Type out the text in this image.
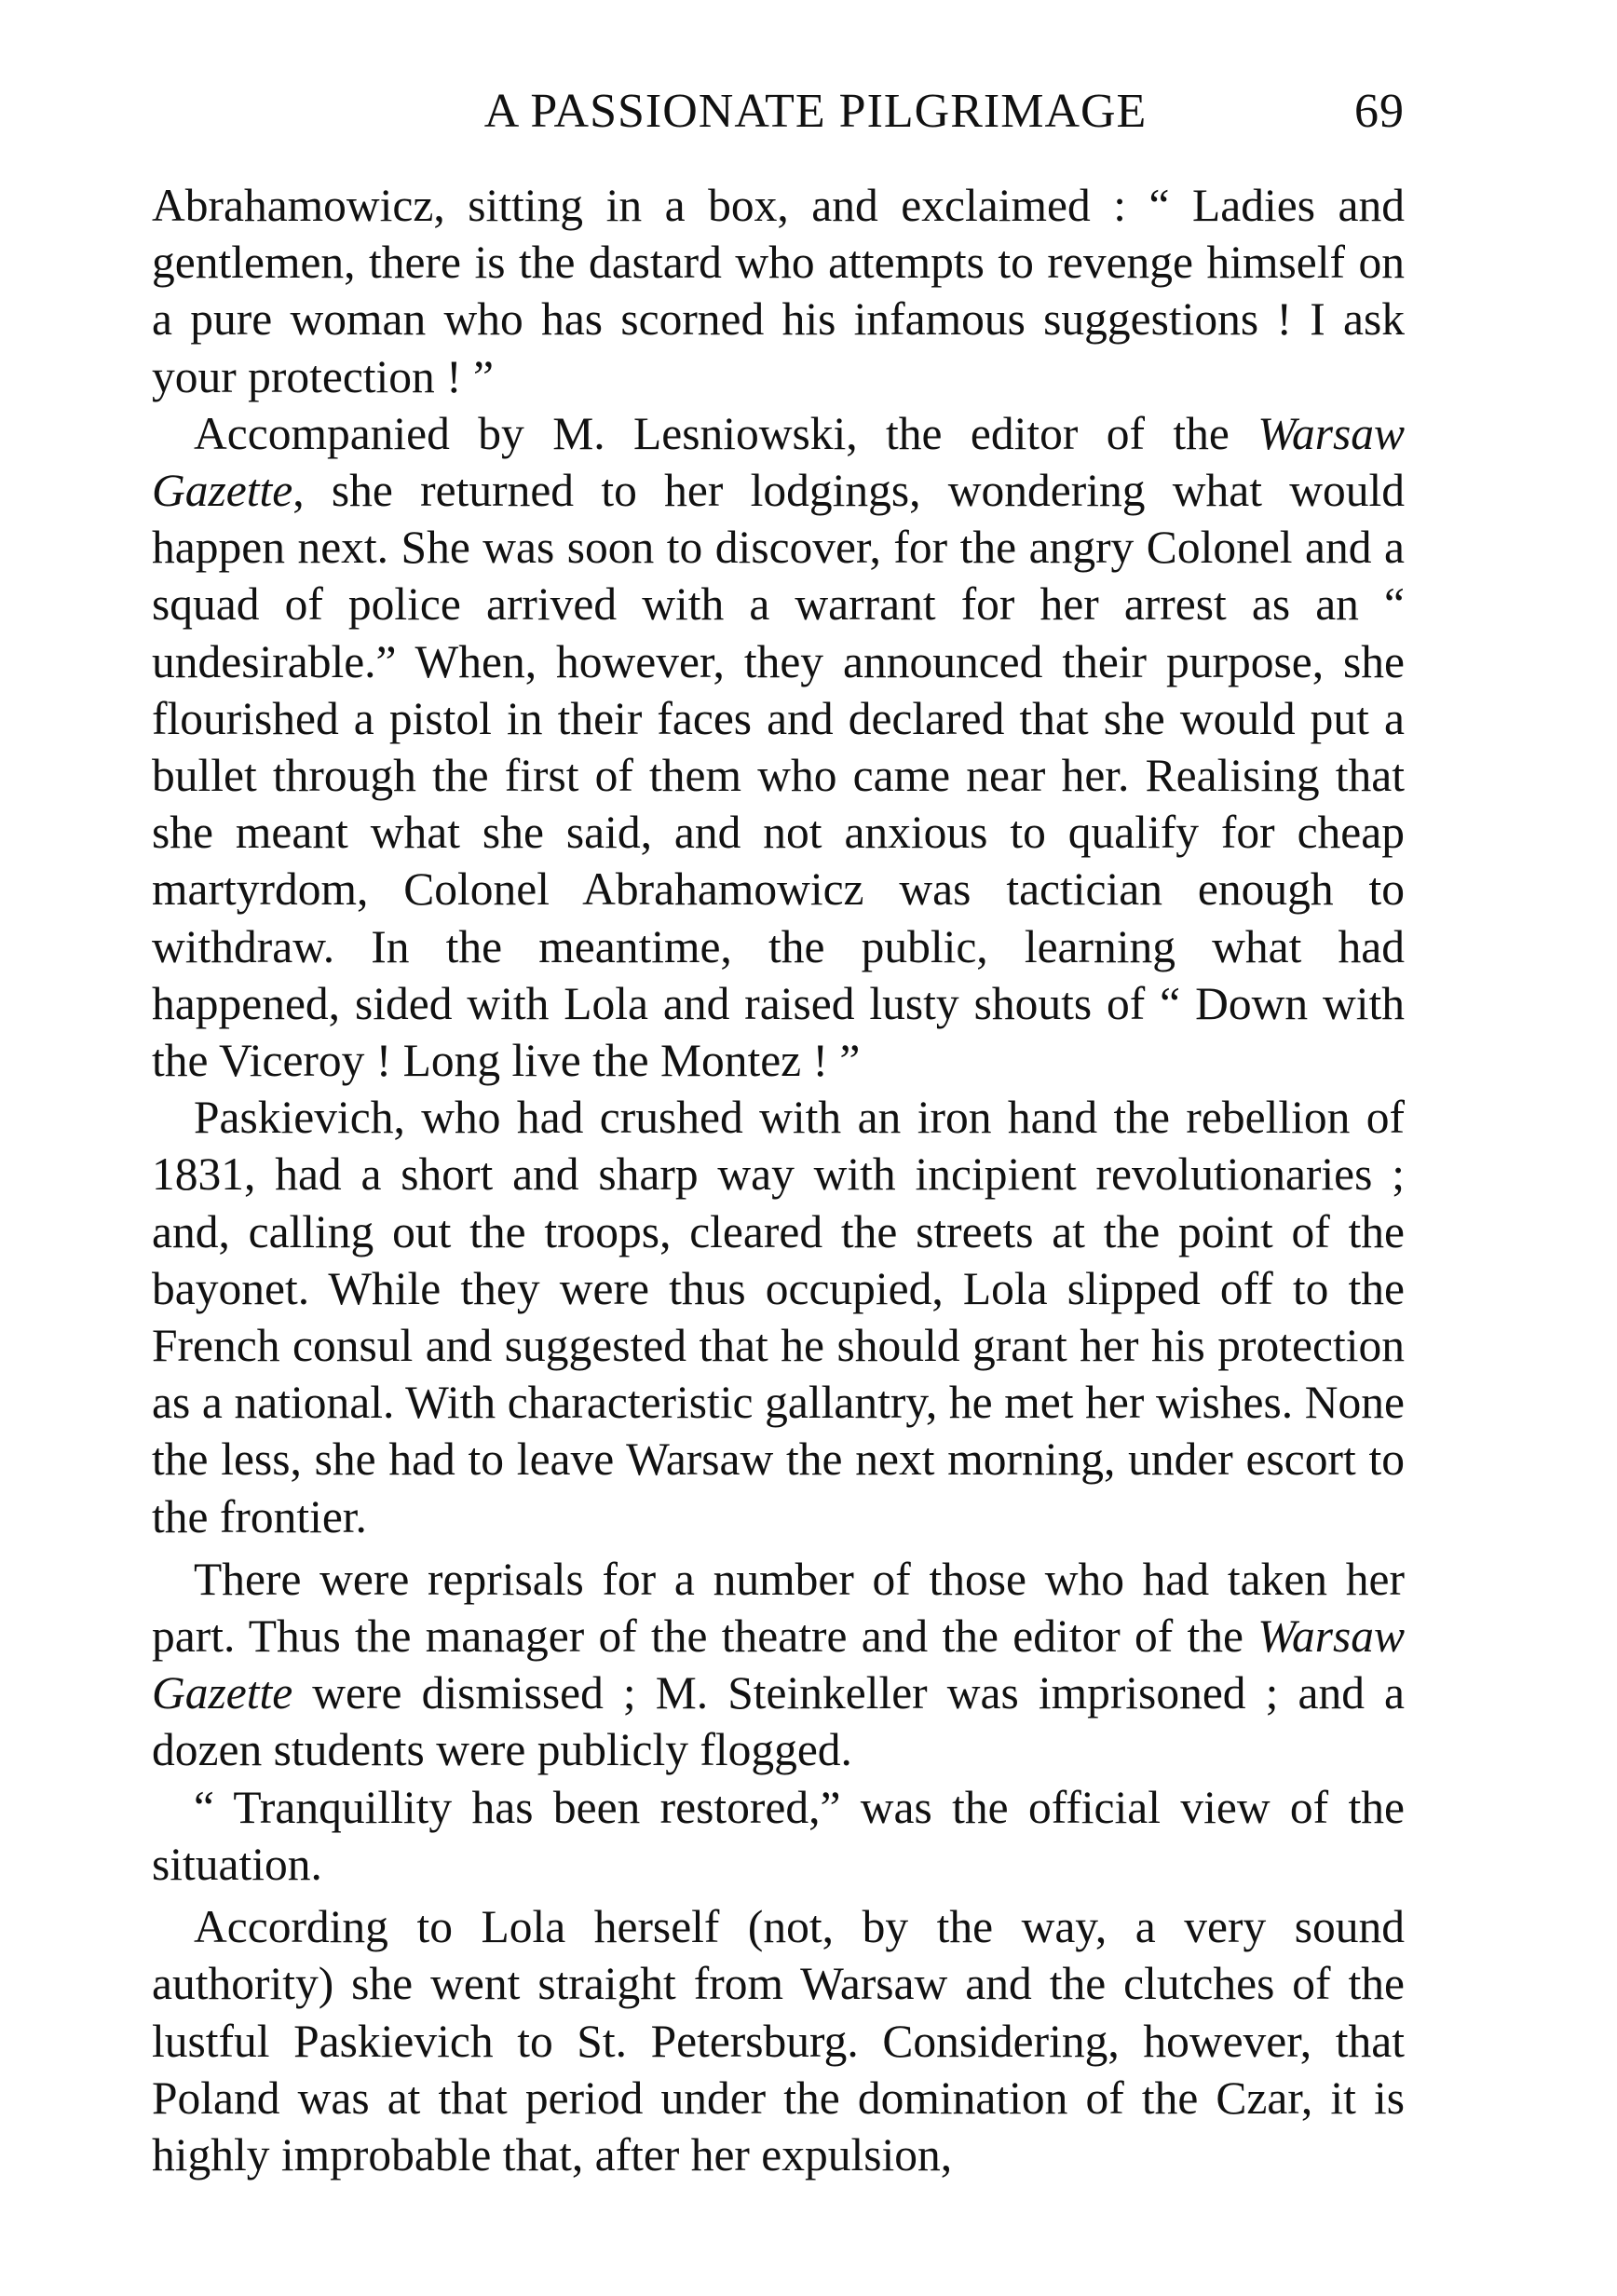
A PASSIONATE PILGRIMAGE	69

Abrahamowicz, sitting in a box, and exclaimed : “ Ladies and gentlemen, there is the dastard who attempts to revenge himself on a pure woman who has scorned his infamous suggestions ! I ask your protection ! ”

Accompanied by M. Lesniowski, the editor of the Warsaw Gazette, she returned to her lodgings, wondering what would happen next. She was soon to discover, for the angry Colonel and a squad of police arrived with a warrant for her arrest as an “ undesirable.” When, however, they announced their purpose, she flourished a pistol in their faces and declared that she would put a bullet through the first of them who came near her. Realising that she meant what she said, and not anxious to qualify for cheap martyrdom, Colonel Abrahamowicz was tactician enough to withdraw. In the meantime, the public, learning what had happened, sided with Lola and raised lusty shouts of “ Down with the Viceroy ! Long live the Montez ! ”

Paskievich, who had crushed with an iron hand the rebellion of 1831, had a short and sharp way with incipient revolutionaries ; and, calling out the troops, cleared the streets at the point of the bayonet. While they were thus occupied, Lola slipped off to the French consul and suggested that he should grant her his protection as a national. With characteristic gallantry, he met her wishes. None the less, she had to leave Warsaw the next morning, under escort to the frontier.

There were reprisals for a number of those who had taken her part. Thus the manager of the theatre and the editor of the Warsaw Gazette were dismissed ; M. Steinkeller was imprisoned ; and a dozen students were publicly flogged.

“ Tranquillity has been restored,” was the official view of the situation.

According to Lola herself (not, by the way, a very sound authority) she went straight from Warsaw and the clutches of the lustful Paskievich to St. Petersburg. Considering, however, that Poland was at that period under the domination of the Czar, it is highly improbable that, after her expulsion,
